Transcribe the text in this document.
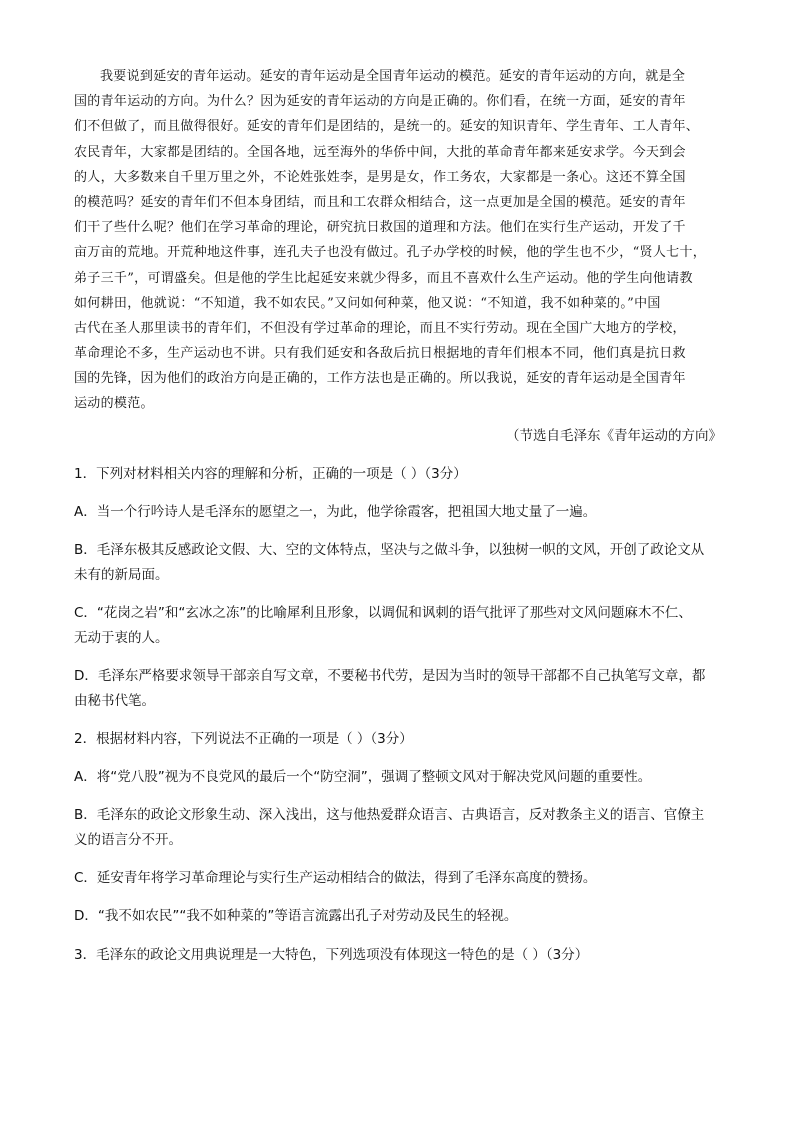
我要说到延安的青年运动。延安的青年运动是全国青年运动的模范。延安的青年运动的方向，就是全
国的青年运动的方向。为什么？因为延安的青年运动的方向是正确的。你们看，在统一方面，延安的青年
们不但做了，而且做得很好。延安的青年们是团结的，是统一的。延安的知识青年、学生青年、工人青年、
农民青年，大家都是团结的。全国各地，远至海外的华侨中间，大批的革命青年都来延安求学。今天到会
的人，大多数来自千里万里之外，不论姓张姓李，是男是女，作工务农，大家都是一条心。这还不算全国
的模范吗？延安的青年们不但本身团结，而且和工农群众相结合，这一点更加是全国的模范。延安的青年
们干了些什么呢？他们在学习革命的理论，研究抗日救国的道理和方法。他们在实行生产运动，开发了千
亩万亩的荒地。开荒种地这件事，连孔夫子也没有做过。孔子办学校的时候，他的学生也不少，“贤人七十，
弟子三千”，可谓盛矣。但是他的学生比起延安来就少得多，而且不喜欢什么生产运动。他的学生向他请教
如何耕田，他就说：“不知道，我不如农民。”又问如何种菜，他又说：“不知道，我不如种菜的。”中国
古代在圣人那里读书的青年们，不但没有学过革命的理论，而且不实行劳动。现在全国广大地方的学校，
革命理论不多，生产运动也不讲。只有我们延安和各敌后抗日根据地的青年们根本不同，他们真是抗日救
国的先锋，因为他们的政治方向是正确的，工作方法也是正确的。所以我说，延安的青年运动是全国青年
运动的模范。
（节选自毛泽东《青年运动的方向》
1．下列对材料相关内容的理解和分析，正确的一项是（ ）（3分）
A．当一个行吟诗人是毛泽东的愿望之一，为此，他学徐霞客，把祖国大地丈量了一遍。
B．毛泽东极其反感政论文假、大、空的文体特点，坚决与之做斗争，以独树一帜的文风，开创了政论文从
未有的新局面。
C．“花岗之岩”和“玄冰之冻”的比喻犀利且形象，以调侃和讽刺的语气批评了那些对文风问题麻木不仁、
无动于衷的人。
D．毛泽东严格要求领导干部亲自写文章，不要秘书代劳，是因为当时的领导干部都不自己执笔写文章，都
由秘书代笔。
2．根据材料内容，下列说法不正确的一项是（ ）（3分）
A．将“党八股”视为不良党风的最后一个“防空洞”，强调了整顿文风对于解决党风问题的重要性。
B．毛泽东的政论文形象生动、深入浅出，这与他热爱群众语言、古典语言，反对教条主义的语言、官僚主
义的语言分不开。
C．延安青年将学习革命理论与实行生产运动相结合的做法，得到了毛泽东高度的赞扬。
D．“我不如农民”“我不如种菜的”等语言流露出孔子对劳动及民生的轻视。
3．毛泽东的政论文用典说理是一大特色，下列选项没有体现这一特色的是（ ）（3分）
